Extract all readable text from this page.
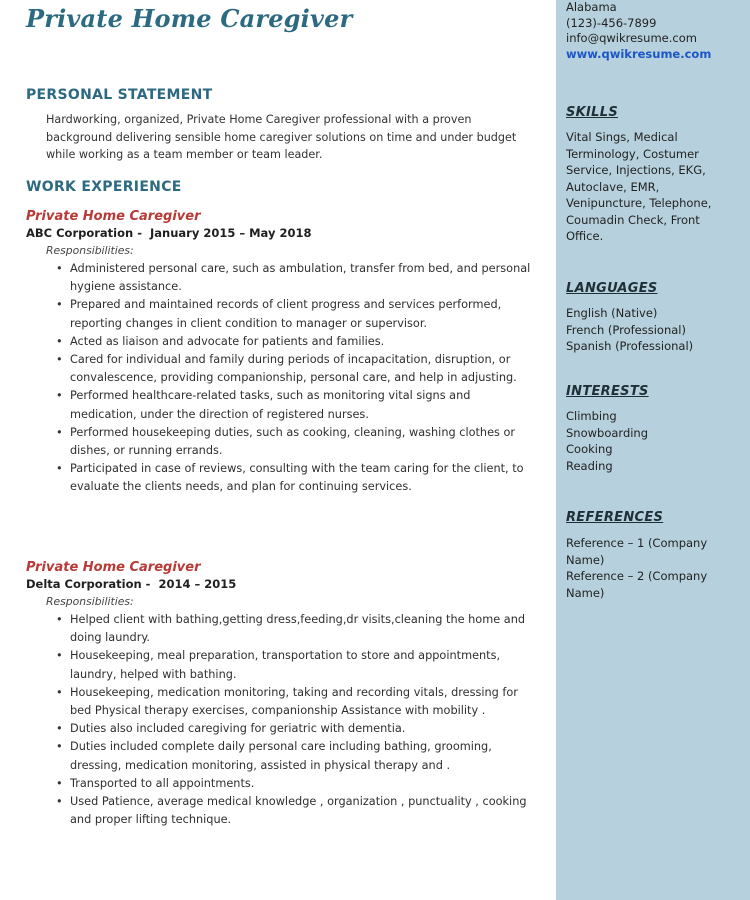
Private Home Caregiver
PERSONAL STATEMENT
Hardworking, organized, Private Home Caregiver professional with a proven background delivering sensible home caregiver solutions on time and under budget while working as a team member or team leader.
WORK EXPERIENCE
Private Home Caregiver
ABC Corporation - January 2015 – May 2018
Responsibilities:
• Administered personal care, such as ambulation, transfer from bed, and personal hygiene assistance.
• Prepared and maintained records of client progress and services performed, reporting changes in client condition to manager or supervisor.
• Acted as liaison and advocate for patients and families.
• Cared for individual and family during periods of incapacitation, disruption, or convalescence, providing companionship, personal care, and help in adjusting.
• Performed healthcare-related tasks, such as monitoring vital signs and medication, under the direction of registered nurses.
• Performed housekeeping duties, such as cooking, cleaning, washing clothes or dishes, or running errands.
• Participated in case of reviews, consulting with the team caring for the client, to evaluate the clients needs, and plan for continuing services.
Private Home Caregiver
Delta Corporation - 2014 – 2015
Responsibilities:
• Helped client with bathing,getting dress,feeding,dr visits,cleaning the home and doing laundry.
• Housekeeping, meal preparation, transportation to store and appointments, laundry, helped with bathing.
• Housekeeping, medication monitoring, taking and recording vitals, dressing for bed Physical therapy exercises, companionship Assistance with mobility .
• Duties also included caregiving for geriatric with dementia.
• Duties included complete daily personal care including bathing, grooming, dressing, medication monitoring, assisted in physical therapy and .
• Transported to all appointments.
• Used Patience, average medical knowledge , organization , punctuality , cooking and proper lifting technique.
Alabama
(123)-456-7899
info@qwikresume.com
www.qwikresume.com
SKILLS
Vital Sings, Medical Terminology, Costumer Service, Injections, EKG, Autoclave, EMR, Venipuncture, Telephone, Coumadin Check, Front Office.
LANGUAGES
English (Native)
French (Professional)
Spanish (Professional)
INTERESTS
Climbing
Snowboarding
Cooking
Reading
REFERENCES
Reference – 1 (Company Name)
Reference – 2 (Company Name)
